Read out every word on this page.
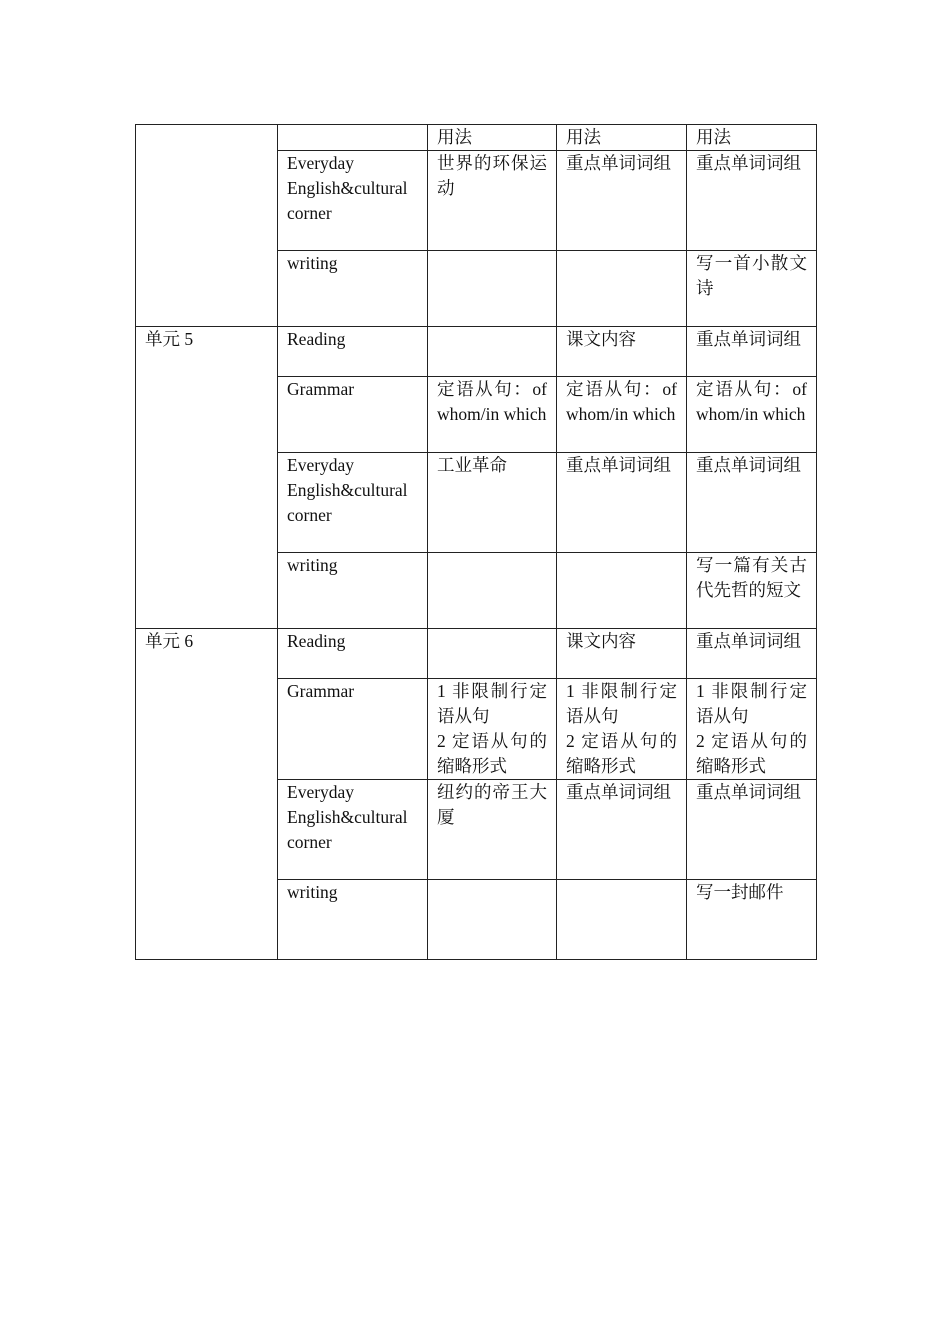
		用法	用法	用法
	Everyday
English&cultural
corner	世界的环保运动	重点单词词组	重点单词词组
	writing			写一首小散文诗
单元 5	Reading		课文内容	重点单词词组
	Grammar	定语从句：of whom/in which	定语从句：of whom/in which	定语从句：of whom/in which
	Everyday
English&cultural
corner	工业革命	重点单词词组	重点单词词组
	writing			写一篇有关古代先哲的短文
单元 6	Reading		课文内容	重点单词词组
	Grammar	1 非限制行定语从句
2 定语从句的缩略形式	1 非限制行定语从句
2 定语从句的缩略形式	1 非限制行定语从句
2 定语从句的缩略形式
	Everyday
English&cultural
corner	纽约的帝王大厦	重点单词词组	重点单词词组
	writing			写一封邮件
